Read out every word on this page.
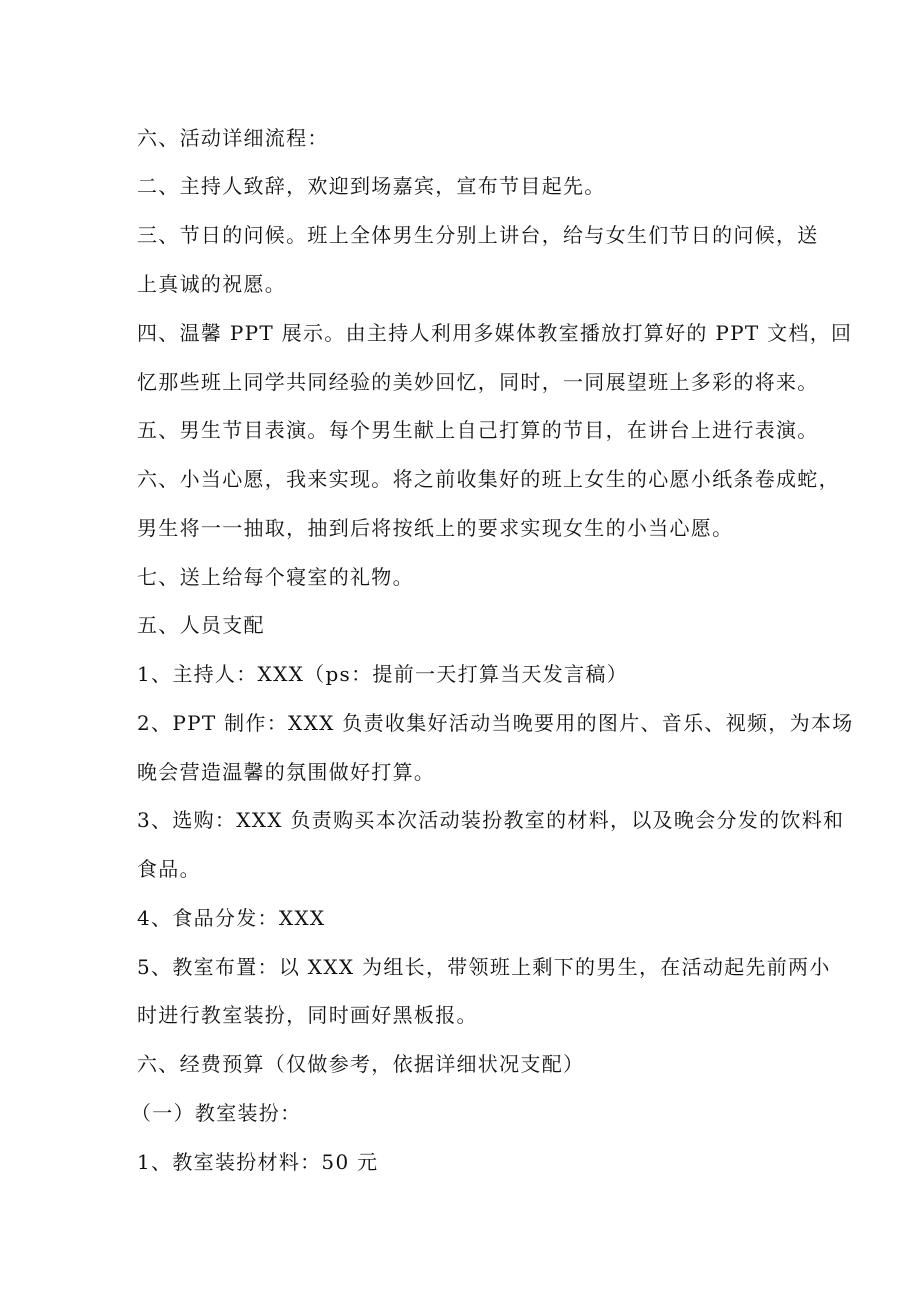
六、活动详细流程：
二、主持人致辞，欢迎到场嘉宾，宣布节目起先。
三、节日的问候。班上全体男生分别上讲台，给与女生们节日的问候，送
上真诚的祝愿。
四、温馨 PPT 展示。由主持人利用多媒体教室播放打算好的 PPT 文档，回
忆那些班上同学共同经验的美妙回忆，同时，一同展望班上多彩的将来。
五、男生节目表演。每个男生献上自己打算的节目，在讲台上进行表演。
六、小当心愿，我来实现。将之前收集好的班上女生的心愿小纸条卷成蛇，
男生将一一抽取，抽到后将按纸上的要求实现女生的小当心愿。
七、送上给每个寝室的礼物。
五、人员支配
1、主持人：XXX（ps：提前一天打算当天发言稿）
2、PPT 制作：XXX 负责收集好活动当晚要用的图片、音乐、视频，为本场
晚会营造温馨的氛围做好打算。
3、选购：XXX 负责购买本次活动装扮教室的材料，以及晚会分发的饮料和
食品。
4、食品分发：XXX
5、教室布置：以 XXX 为组长，带领班上剩下的男生，在活动起先前两小
时进行教室装扮，同时画好黑板报。
六、经费预算（仅做参考，依据详细状况支配）
（一）教室装扮：
1、教室装扮材料：50 元
